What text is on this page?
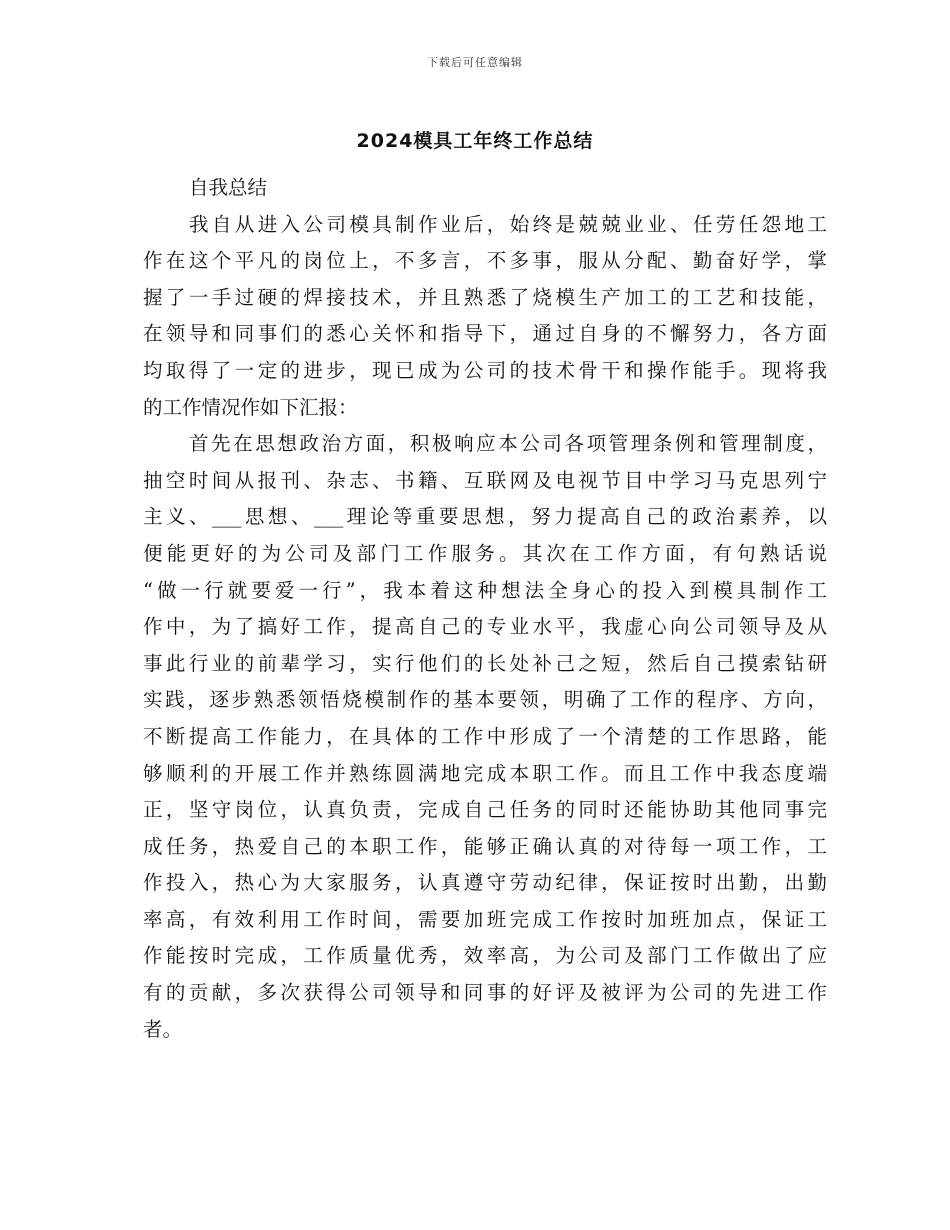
下载后可任意编辑
2024模具工年终工作总结
自我总结
我自从进入公司模具制作业后，始终是兢兢业业、任劳任怨地工
作在这个平凡的岗位上，不多言，不多事，服从分配、勤奋好学，掌
握了一手过硬的焊接技术，并且熟悉了烧模生产加工的工艺和技能，
在领导和同事们的悉心关怀和指导下，通过自身的不懈努力，各方面
均取得了一定的进步，现已成为公司的技术骨干和操作能手。现将我
的工作情况作如下汇报：
首先在思想政治方面，积极响应本公司各项管理条例和管理制度，
抽空时间从报刊、杂志、书籍、互联网及电视节目中学习马克思列宁
主义、___思想、___理论等重要思想，努力提高自己的政治素养，以
便能更好的为公司及部门工作服务。其次在工作方面，有句熟话说
“做一行就要爱一行”，我本着这种想法全身心的投入到模具制作工
作中，为了搞好工作，提高自己的专业水平，我虚心向公司领导及从
事此行业的前辈学习，实行他们的长处补己之短，然后自己摸索钻研
实践，逐步熟悉领悟烧模制作的基本要领，明确了工作的程序、方向，
不断提高工作能力，在具体的工作中形成了一个清楚的工作思路，能
够顺利的开展工作并熟练圆满地完成本职工作。而且工作中我态度端
正，坚守岗位，认真负责，完成自己任务的同时还能协助其他同事完
成任务，热爱自己的本职工作，能够正确认真的对待每一项工作，工
作投入，热心为大家服务，认真遵守劳动纪律，保证按时出勤，出勤
率高，有效利用工作时间，需要加班完成工作按时加班加点，保证工
作能按时完成，工作质量优秀，效率高，为公司及部门工作做出了应
有的贡献，多次获得公司领导和同事的好评及被评为公司的先进工作
者。
